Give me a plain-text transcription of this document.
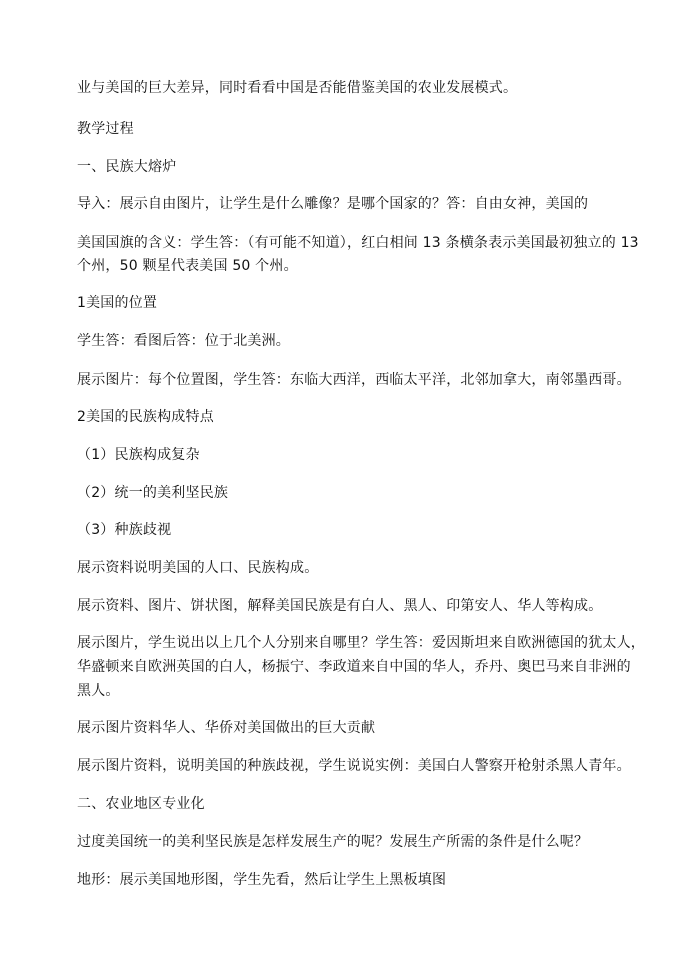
业与美国的巨大差异，同时看看中国是否能借鉴美国的农业发展模式。

教学过程

一、民族大熔炉

导入：展示自由图片，让学生是什么雕像？是哪个国家的？答：自由女神，美国的

美国国旗的含义：学生答：（有可能不知道），红白相间 13 条横条表示美国最初独立的 13

个州，50 颗星代表美国 50 个州。

1美国的位置

学生答：看图后答：位于北美洲。

展示图片：每个位置图，学生答：东临大西洋，西临太平洋，北邻加拿大，南邻墨西哥。

2美国的民族构成特点

（1）民族构成复杂

（2）统一的美利坚民族

（3）种族歧视

展示资料说明美国的人口、民族构成。

展示资料、图片、饼状图，解释美国民族是有白人、黑人、印第安人、华人等构成。

展示图片，学生说出以上几个人分别来自哪里？学生答：爱因斯坦来自欧洲德国的犹太人，

华盛顿来自欧洲英国的白人，杨振宁、李政道来自中国的华人，乔丹、奥巴马来自非洲的

黑人。

展示图片资料华人、华侨对美国做出的巨大贡献

展示图片资料，说明美国的种族歧视，学生说说实例：美国白人警察开枪射杀黑人青年。

二、农业地区专业化

过度美国统一的美利坚民族是怎样发展生产的呢？发展生产所需的条件是什么呢？

地形：展示美国地形图，学生先看，然后让学生上黑板填图
